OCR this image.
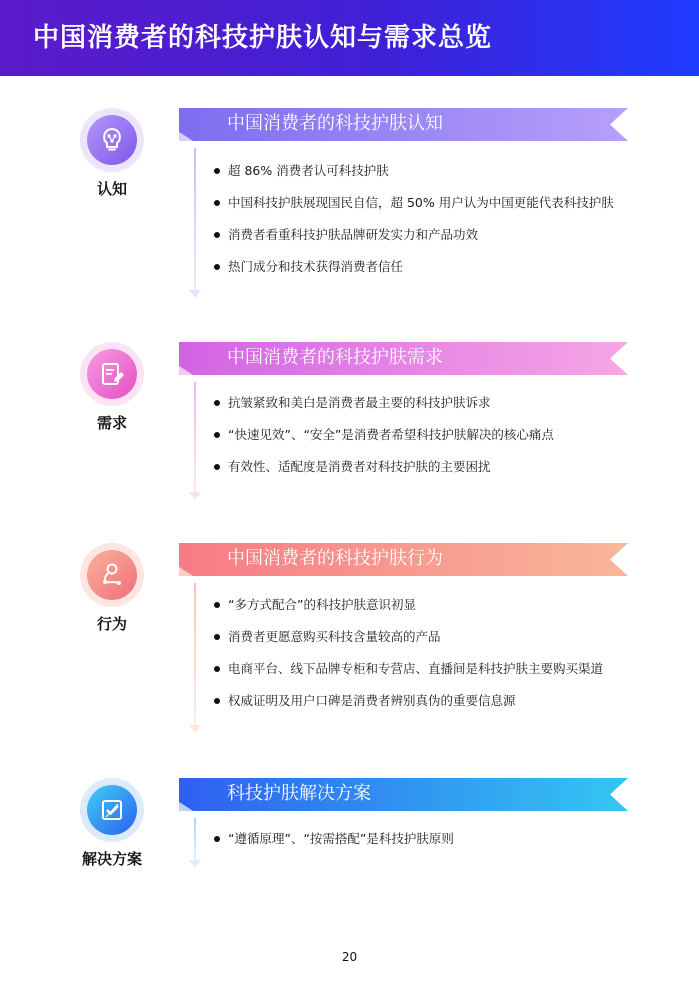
中国消费者的科技护肤认知与需求总览
认知
中国消费者的科技护肤认知
超 86% 消费者认可科技护肤
中国科技护肤展现国民自信，超 50% 用户认为中国更能代表科技护肤
消费者看重科技护肤品牌研发实力和产品功效
热门成分和技术获得消费者信任
需求
中国消费者的科技护肤需求
抗皱紧致和美白是消费者最主要的科技护肤诉求
“快速见效”、“安全”是消费者希望科技护肤解决的核心痛点
有效性、适配度是消费者对科技护肤的主要困扰
行为
中国消费者的科技护肤行为
“多方式配合”的科技护肤意识初显
消费者更愿意购买科技含量较高的产品
电商平台、线下品牌专柜和专营店、直播间是科技护肤主要购买渠道
权威证明及用户口碑是消费者辨别真伪的重要信息源
解决方案
科技护肤解决方案
“遵循原理”、“按需搭配”是科技护肤原则
20
